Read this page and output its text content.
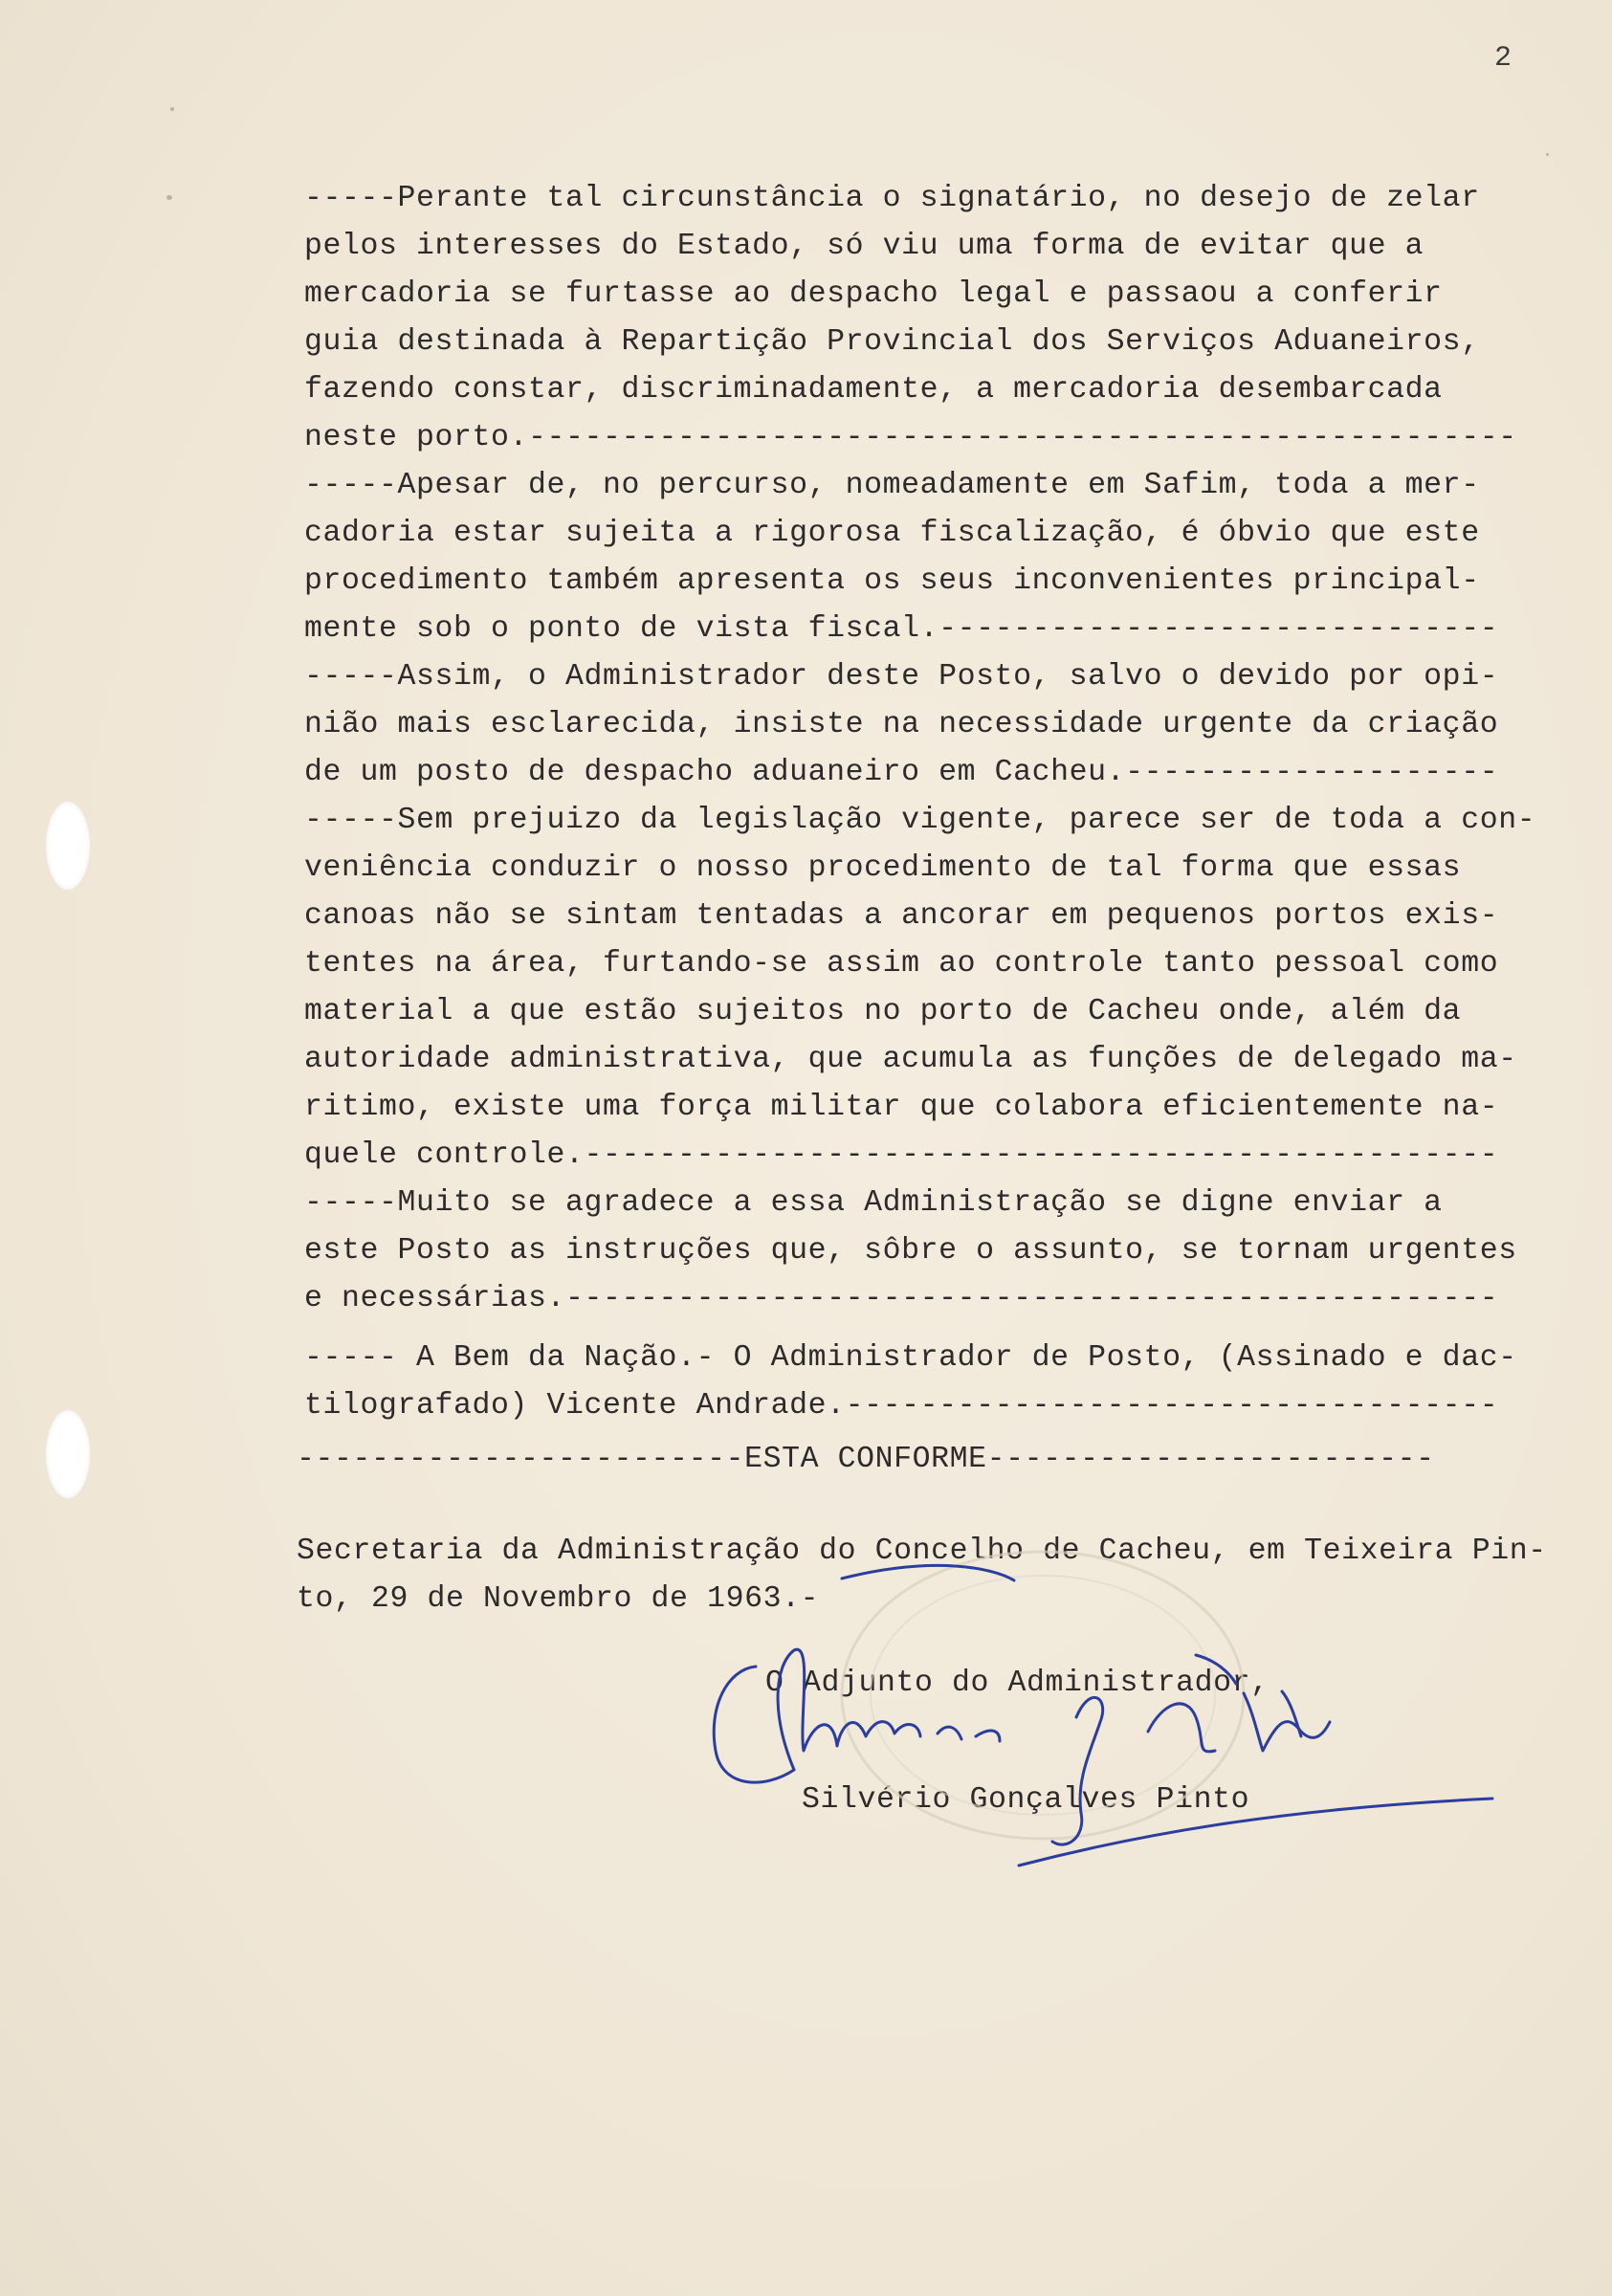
2
-----Perante tal circunstância o signatário, no desejo de zelar
pelos interesses do Estado, só viu uma forma de evitar que a
mercadoria se furtasse ao despacho legal e passaou a conferir
guia destinada à Repartição Provincial dos Serviços Aduaneiros,
fazendo constar, discriminadamente, a mercadoria desembarcada
neste porto.-----------------------------------------------------
-----Apesar de, no percurso, nomeadamente em Safim, toda a mer-
cadoria estar sujeita a rigorosa fiscalização, é óbvio que este
procedimento também apresenta os seus inconvenientes principal-
mente sob o ponto de vista fiscal.------------------------------
-----Assim, o Administrador deste Posto, salvo o devido por opi-
nião mais esclarecida, insiste na necessidade urgente da criação
de um posto de despacho aduaneiro em Cacheu.--------------------
-----Sem prejuizo da legislação vigente, parece ser de toda a con-
veniência conduzir o nosso procedimento de tal forma que essas
canoas não se sintam tentadas a ancorar em pequenos portos exis-
tentes na área, furtando-se assim ao controle tanto pessoal como
material a que estão sujeitos no porto de Cacheu onde, além da
autoridade administrativa, que acumula as funções de delegado ma-
ritimo, existe uma força militar que colabora eficientemente na-
quele controle.-------------------------------------------------
-----Muito se agradece a essa Administração se digne enviar a
este Posto as instruções que, sôbre o assunto, se tornam urgentes
e necessárias.--------------------------------------------------
----- A Bem da Nação.- O Administrador de Posto, (Assinado e dac-
tilografado) Vicente Andrade.-----------------------------------
------------------------ESTA CONFORME------------------------
Secretaria da Administração do Concelho de Cacheu, em Teixeira Pin-
to, 29 de Novembro de 1963.-
O Adjunto do Administrador,
Silvério Gonçalves Pinto
